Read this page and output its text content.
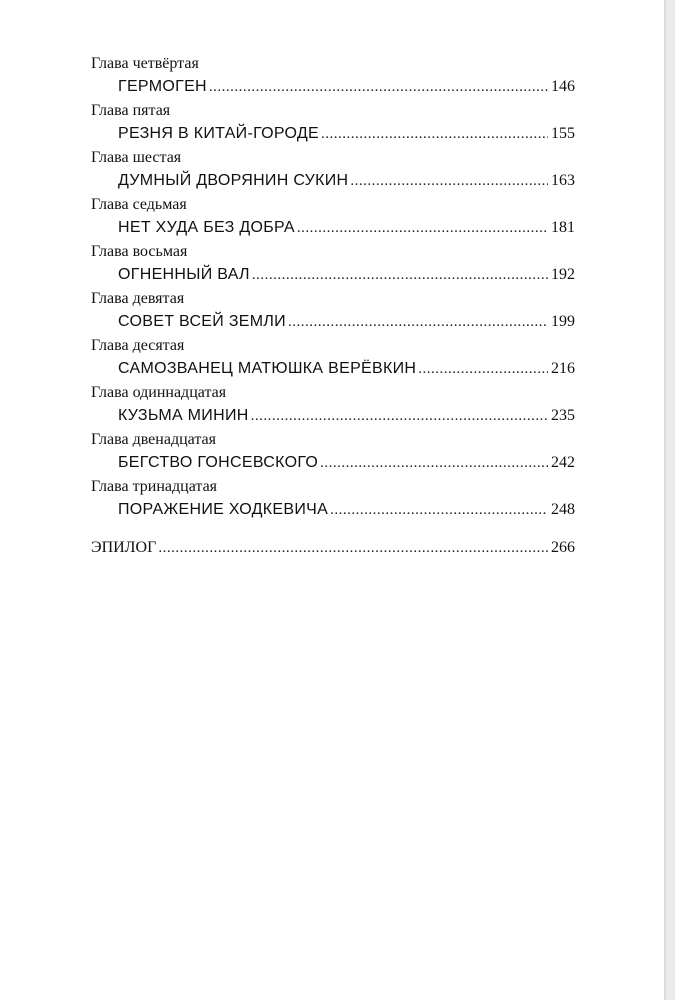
Глава четвёртая
ГЕРМОГЕН .....	146
Глава пятая
РЕЗНЯ В КИТАЙ-ГОРОДЕ .....	155
Глава шестая
ДУМНЫЙ ДВОРЯНИН СУКИН .....	163
Глава седьмая
НЕТ ХУДА БЕЗ ДОБРА .....	181
Глава восьмая
ОГНЕННЫЙ ВАЛ .....	192
Глава девятая
СОВЕТ ВСЕЙ ЗЕМЛИ .....	199
Глава десятая
САМОЗВАНЕЦ МАТЮШКА ВЕРЁВКИН .....	216
Глава одиннадцатая
КУЗЬМА МИНИН .....	235
Глава двенадцатая
БЕГСТВО ГОНСЕВСКОГО .....	242
Глава тринадцатая
ПОРАЖЕНИЕ ХОДКЕВИЧА .....	248
ЭПИЛОГ .....	266
